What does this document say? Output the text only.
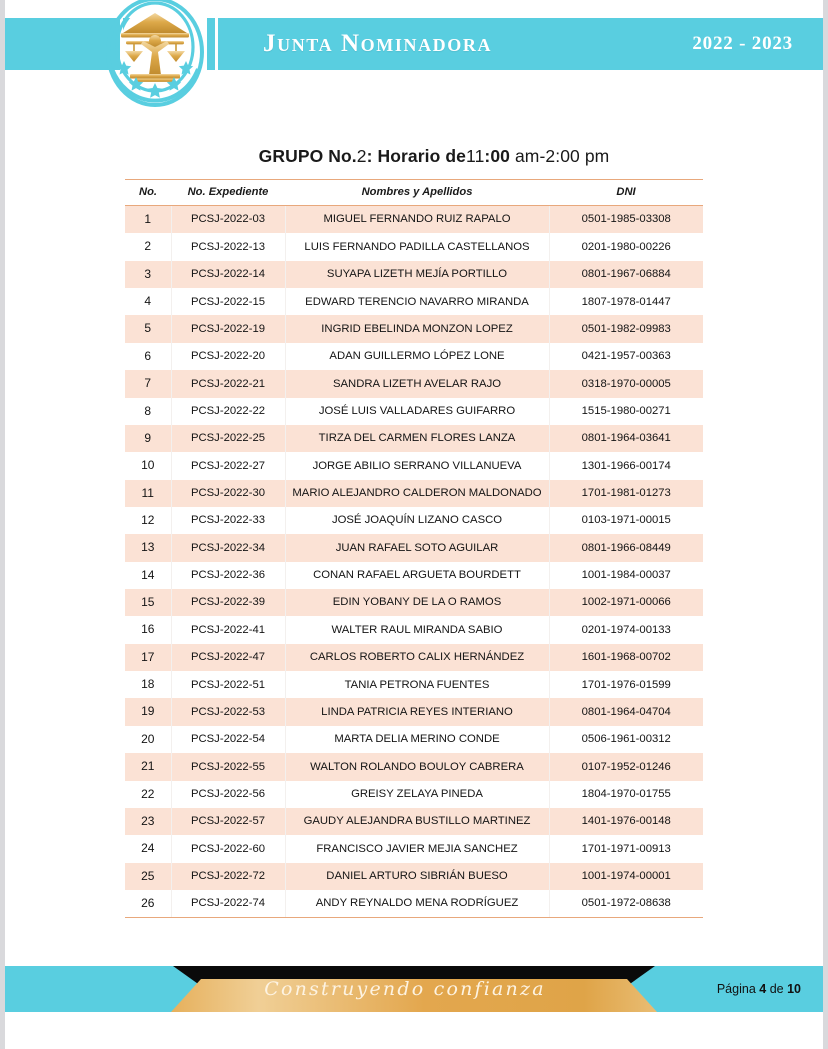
Junta Nominadora	2022 - 2023
GRUPO No.2: Horario de11:00 am-2:00 pm
No.	No. Expediente	Nombres y Apellidos	DNI
1	PCSJ-2022-03	MIGUEL FERNANDO RUIZ RAPALO	0501-1985-03308
2	PCSJ-2022-13	LUIS FERNANDO PADILLA CASTELLANOS	0201-1980-00226
3	PCSJ-2022-14	SUYAPA LIZETH MEJÍA PORTILLO	0801-1967-06884
4	PCSJ-2022-15	EDWARD TERENCIO NAVARRO MIRANDA	1807-1978-01447
5	PCSJ-2022-19	INGRID EBELINDA MONZON LOPEZ	0501-1982-09983
6	PCSJ-2022-20	ADAN GUILLERMO LÓPEZ LONE	0421-1957-00363
7	PCSJ-2022-21	SANDRA LIZETH AVELAR RAJO	0318-1970-00005
8	PCSJ-2022-22	JOSÉ LUIS VALLADARES GUIFARRO	1515-1980-00271
9	PCSJ-2022-25	TIRZA DEL CARMEN FLORES LANZA	0801-1964-03641
10	PCSJ-2022-27	JORGE ABILIO SERRANO VILLANUEVA	1301-1966-00174
11	PCSJ-2022-30	MARIO ALEJANDRO CALDERON MALDONADO	1701-1981-01273
12	PCSJ-2022-33	JOSÉ JOAQUÍN LIZANO CASCO	0103-1971-00015
13	PCSJ-2022-34	JUAN RAFAEL SOTO AGUILAR	0801-1966-08449
14	PCSJ-2022-36	CONAN RAFAEL ARGUETA BOURDETT	1001-1984-00037
15	PCSJ-2022-39	EDIN YOBANY DE LA O RAMOS	1002-1971-00066
16	PCSJ-2022-41	WALTER RAUL MIRANDA SABIO	0201-1974-00133
17	PCSJ-2022-47	CARLOS ROBERTO CALIX HERNÁNDEZ	1601-1968-00702
18	PCSJ-2022-51	TANIA PETRONA FUENTES	1701-1976-01599
19	PCSJ-2022-53	LINDA PATRICIA REYES INTERIANO	0801-1964-04704
20	PCSJ-2022-54	MARTA DELIA MERINO CONDE	0506-1961-00312
21	PCSJ-2022-55	WALTON ROLANDO BOULOY CABRERA	0107-1952-01246
22	PCSJ-2022-56	GREISY ZELAYA PINEDA	1804-1970-01755
23	PCSJ-2022-57	GAUDY ALEJANDRA BUSTILLO MARTINEZ	1401-1976-00148
24	PCSJ-2022-60	FRANCISCO JAVIER MEJIA SANCHEZ	1701-1971-00913
25	PCSJ-2022-72	DANIEL ARTURO SIBRIÁN BUESO	1001-1974-00001
26	PCSJ-2022-74	ANDY REYNALDO MENA RODRÍGUEZ	0501-1972-08638
Construyendo confianza	Página
4
de
10
